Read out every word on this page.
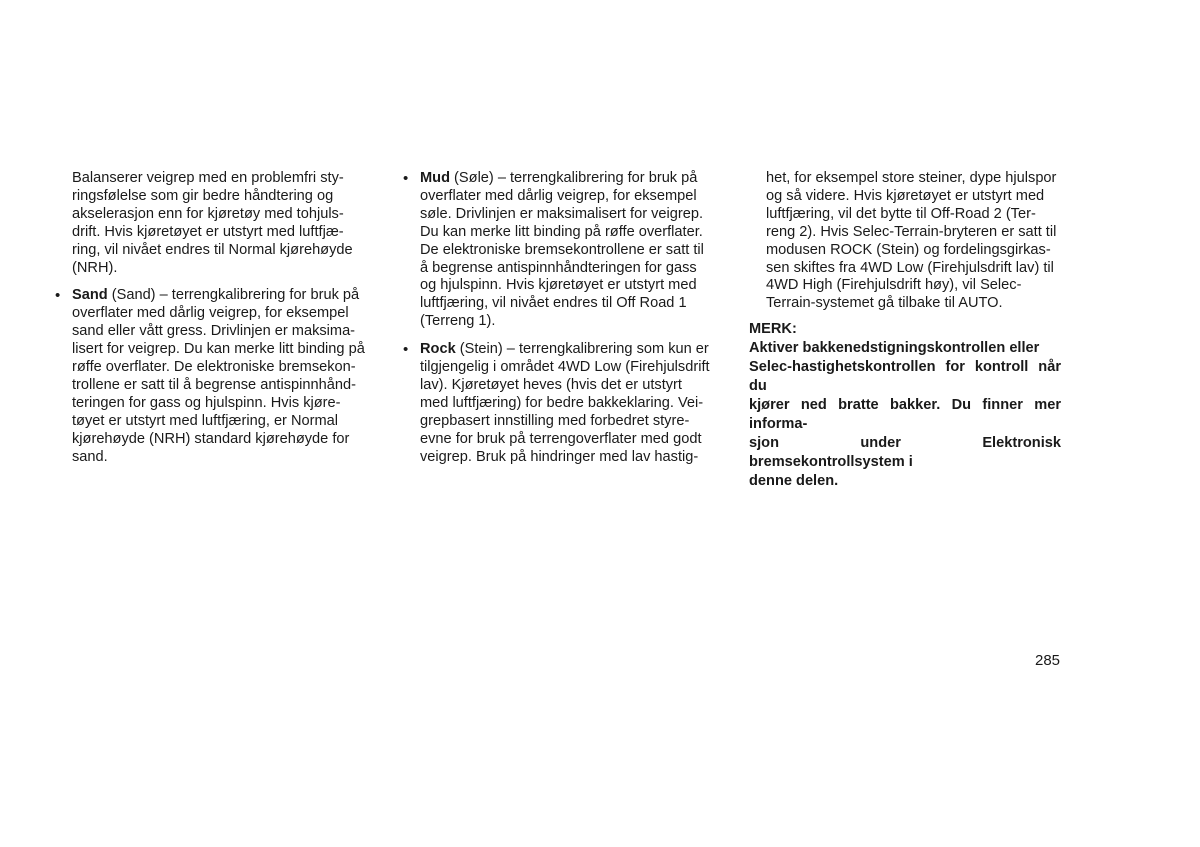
Balanserer veigrep med en problemfri sty-
ringsfølelse som gir bedre håndtering og
akselerasjon enn for kjøretøy med tohjuls-
drift. Hvis kjøretøyet er utstyrt med luftfjæ-
ring, vil nivået endres til Normal kjørehøyde
(NRH).

• Sand (Sand) – terrengkalibrering for bruk på
overflater med dårlig veigrep, for eksempel
sand eller vått gress. Drivlinjen er maksima-
lisert for veigrep. Du kan merke litt binding på
røffe overflater. De elektroniske bremsekon-
trollene er satt til å begrense antispinnhånd-
teringen for gass og hjulspinn. Hvis kjøre-
tøyet er utstyrt med luftfjæring, er Normal
kjørehøyde (NRH) standard kjørehøyde for
sand.
• Mud (Søle) – terrengkalibrering for bruk på
overflater med dårlig veigrep, for eksempel
søle. Drivlinjen er maksimalisert for veigrep.
Du kan merke litt binding på røffe overflater.
De elektroniske bremsekontrollene er satt til
å begrense antispinnhåndteringen for gass
og hjulspinn. Hvis kjøretøyet er utstyrt med
luftfjæring, vil nivået endres til Off Road 1
(Terreng 1).
• Rock (Stein) – terrengkalibrering som kun er
tilgjengelig i området 4WD Low (Firehjulsdrift
lav). Kjøretøyet heves (hvis det er utstyrt
med luftfjæring) for bedre bakkeklaring. Vei-
grepbasert innstilling med forbedret styre-
evne for bruk på terrengoverflater med godt
veigrep. Bruk på hindringer med lav hastig-

het, for eksempel store steiner, dype hjulspor
og så videre. Hvis kjøretøyet er utstyrt med
luftfjæring, vil det bytte til Off-Road 2 (Ter-
reng 2). Hvis Selec-Terrain-bryteren er satt til
modusen ROCK (Stein) og fordelingsgirkas-
sen skiftes fra 4WD Low (Firehjulsdrift lav) til
4WD High (Firehjulsdrift høy), vil Selec-
Terrain-systemet gå tilbake til AUTO.

MERK:

Aktiver bakkenedstigningskontrollen eller
Selec-hastighetskontrollen for kontroll når du
kjører ned bratte bakker. Du finner mer informa-
sjon under Elektronisk bremsekontrollsystem i
denne delen.

285
